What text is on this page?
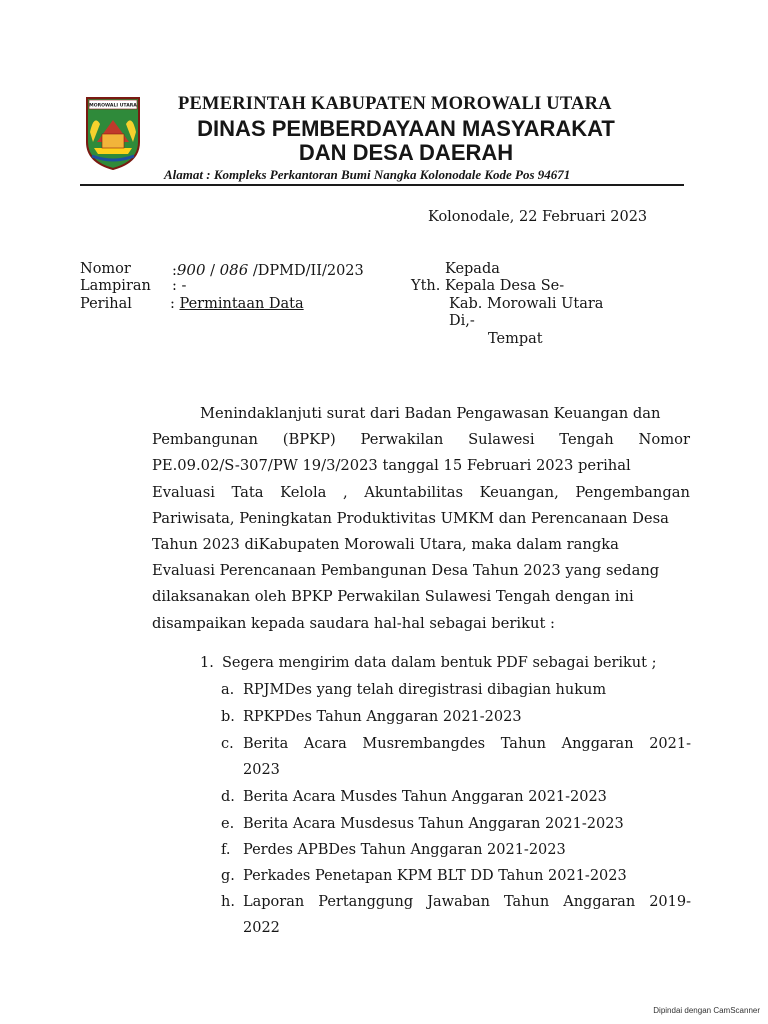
MOROWALI UTARA PEMERINTAH KABUPATEN MOROWALI UTARA
DINAS PEMBERDAYAAN MASYARAKAT
DAN DESA DAERAH
Alamat : Kompleks Perkantoran Bumi Nangka Kolonodale Kode Pos 94671
Kolonodale, 22 Februari 2023
Nomor	:900 / 086 /DPMD/II/2023
Lampiran : -
Perihal	: Permintaan Data
Kepada
Yth. Kepala Desa Se-
Kab. Morowali Utara
Di,-
Tempat
Menindaklanjuti surat dari Badan Pengawasan Keuangan dan
Pembangunan (BPKP) Perwakilan Sulawesi Tengah Nomor
PE.09.02/S-307/PW 19/3/2023 tanggal 15 Februari 2023 perihal
Evaluasi Tata Kelola , Akuntabilitas Keuangan, Pengembangan
Pariwisata, Peningkatan Produktivitas UMKM dan Perencanaan Desa
Tahun 2023 diKabupaten Morowali Utara, maka dalam rangka
Evaluasi Perencanaan Pembangunan Desa Tahun 2023 yang sedang
dilaksanakan oleh BPKP Perwakilan Sulawesi Tengah dengan ini
disampaikan kepada saudara hal-hal sebagai berikut :
1. Segera mengirim data dalam bentuk PDF sebagai berikut ;
a. RPJMDes yang telah diregistrasi dibagian hukum
b. RPKPDes Tahun Anggaran 2021-2023
c. Berita Acara Musrembangdes Tahun Anggaran 2021-
2023
d. Berita Acara Musdes Tahun Anggaran 2021-2023
e. Berita Acara Musdesus Tahun Anggaran 2021-2023
f. Perdes APBDes Tahun Anggaran 2021-2023
g. Perkades Penetapan KPM BLT DD Tahun 2021-2023
h. Laporan Pertanggung Jawaban Tahun Anggaran 2019-
2022
Dipindai dengan CamScanner
